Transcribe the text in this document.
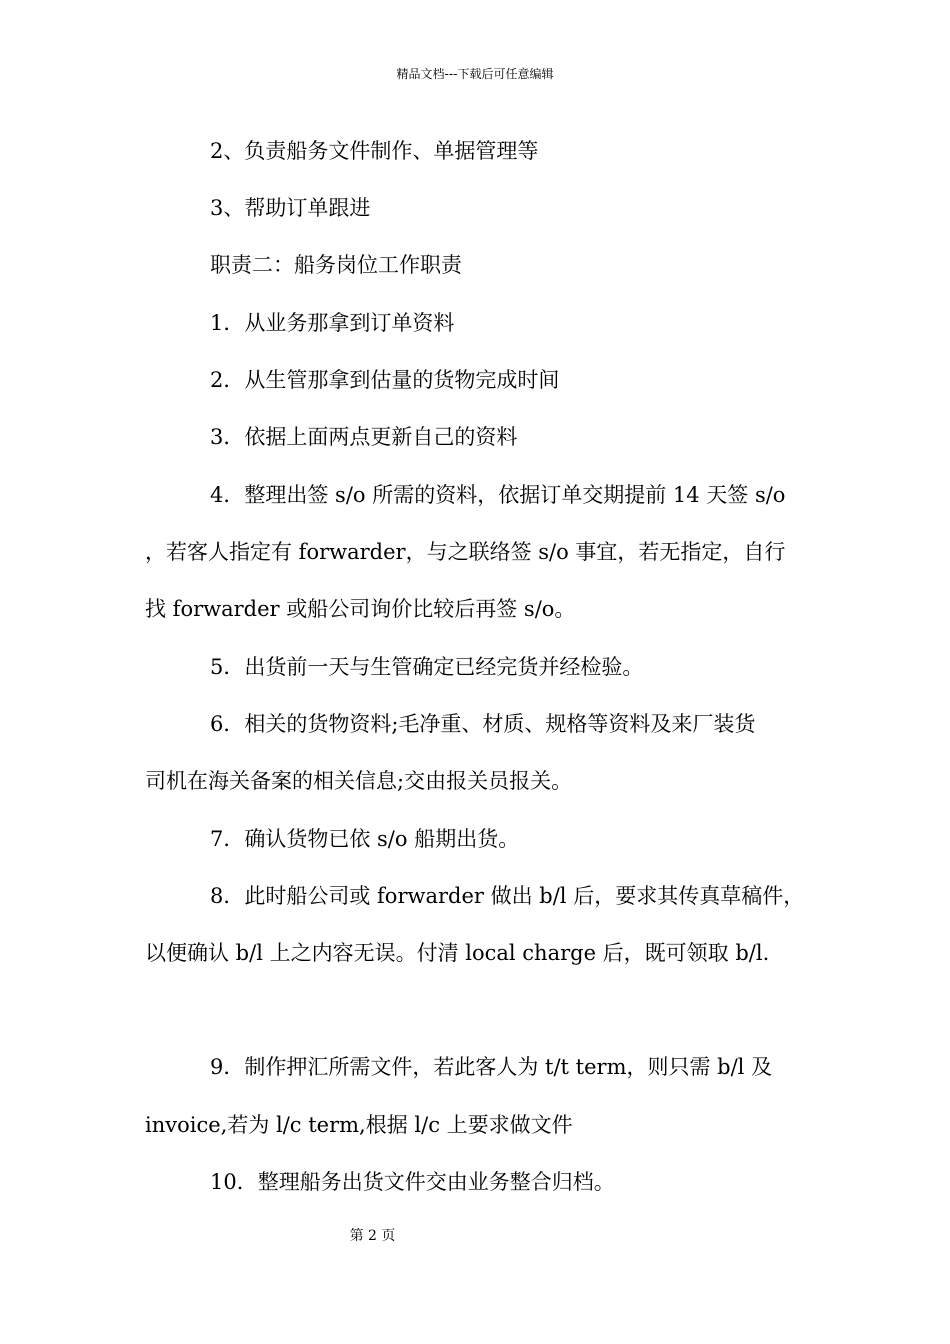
精品文档---下载后可任意编辑
2、负责船务文件制作、单据管理等
3、帮助订单跟进
职责二：船务岗位工作职责
1．从业务那拿到订单资料
2．从生管那拿到估量的货物完成时间
3．依据上面两点更新自己的资料
4．整理出签 s/o 所需的资料，依据订单交期提前 14 天签 s/o
，若客人指定有 forwarder，与之联络签 s/o 事宜，若无指定，自行
找 forwarder 或船公司询价比较后再签 s/o。
5．出货前一天与生管确定已经完货并经检验。
6．相关的货物资料;毛净重、材质、规格等资料及来厂装货
司机在海关备案的相关信息;交由报关员报关。
7．确认货物已依 s/o 船期出货。
8．此时船公司或 forwarder 做出 b/l 后，要求其传真草稿件，
以便确认 b/l 上之内容无误。付清 local charge 后，既可领取 b/l.
9．制作押汇所需文件，若此客人为 t/t term，则只需 b/l 及
invoice,若为 l/c term,根据 l/c 上要求做文件
10．整理船务出货文件交由业务整合归档。
第 2 页
